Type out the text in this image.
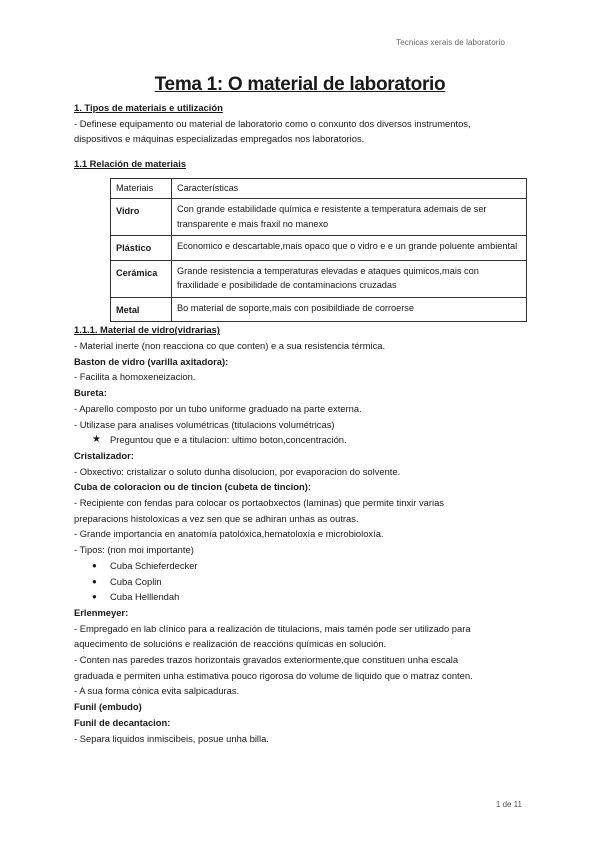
Tecnicas xerais de laboratorio
Tema 1: O material de laboratorio

1. Tipos de materiais e utilización

- Definese equipamento ou material de laboratorio como o conxunto dos diversos instrumentos,

dispositivos e máquinas especializadas empregados nos laboratorios.

1.1 Relación de materiais

Materiais	Características
Vidro	Con grande estabilidade química e resistente a temperatura ademais de ser transparente e mais fraxil no manexo
Plástico	Economico e descartable,mais opaco que o vidro e e un grande poluente ambiental
Cerámica	Grande resistencia a temperaturas elevadas e ataques quimicos,mais con fraxilidade e posibilidade de contaminacions cruzadas
Metal	Bo material de soporte,mais con posibildiade de corroerse

1.1.1. Material de vidro(vidrarias)

- Material inerte (non reacciona co que conten) e a sua resistencia térmica.

Baston de vidro (varilla axitadora):

- Facilita a homoxeneizacion.

Bureta:

- Aparello composto por un tubo uniforme graduado na parte externa.

- Utilizase para analises volumétricas (titulacions volumétricas)

★ Preguntou que e a titulacion: ultimo boton,concentración.

Cristalizador:

- Obxectivo: cristalizar o soluto dunha disolucion, por evaporacion do solvente.

Cuba de coloracion ou de tincion (cubeta de tincion):

- Recipiente con fendas para colocar os portaobxectos (laminas) que permite tinxir varias

preparacions histoloxicas a vez sen que se adhiran unhas as outras.

- Grande importancia en anatomía patolóxica,hematoloxía e microbioloxía.

- Tipos: (non moi importante)

●	Cuba Schieferdecker
●	Cuba Coplin
●	Cuba Helllendah

Erlenmeyer:

- Empregado en lab clínico para a realización de titulacions, mais tamén pode ser utilizado para

aquecimento de solucións e realización de reaccións químicas en solución.

- Conten nas paredes trazos horizontais gravados exteriormente,que constituen unha escala

graduada e permiten unha estimativa pouco rigorosa do volume de liquido que o matraz conten.

- A sua forma cónica evita salpicaduras.

Funil (embudo)

Funil de decantacion:

- Separa liquidos inmiscibeis, posue unha billa.

1 de 11
